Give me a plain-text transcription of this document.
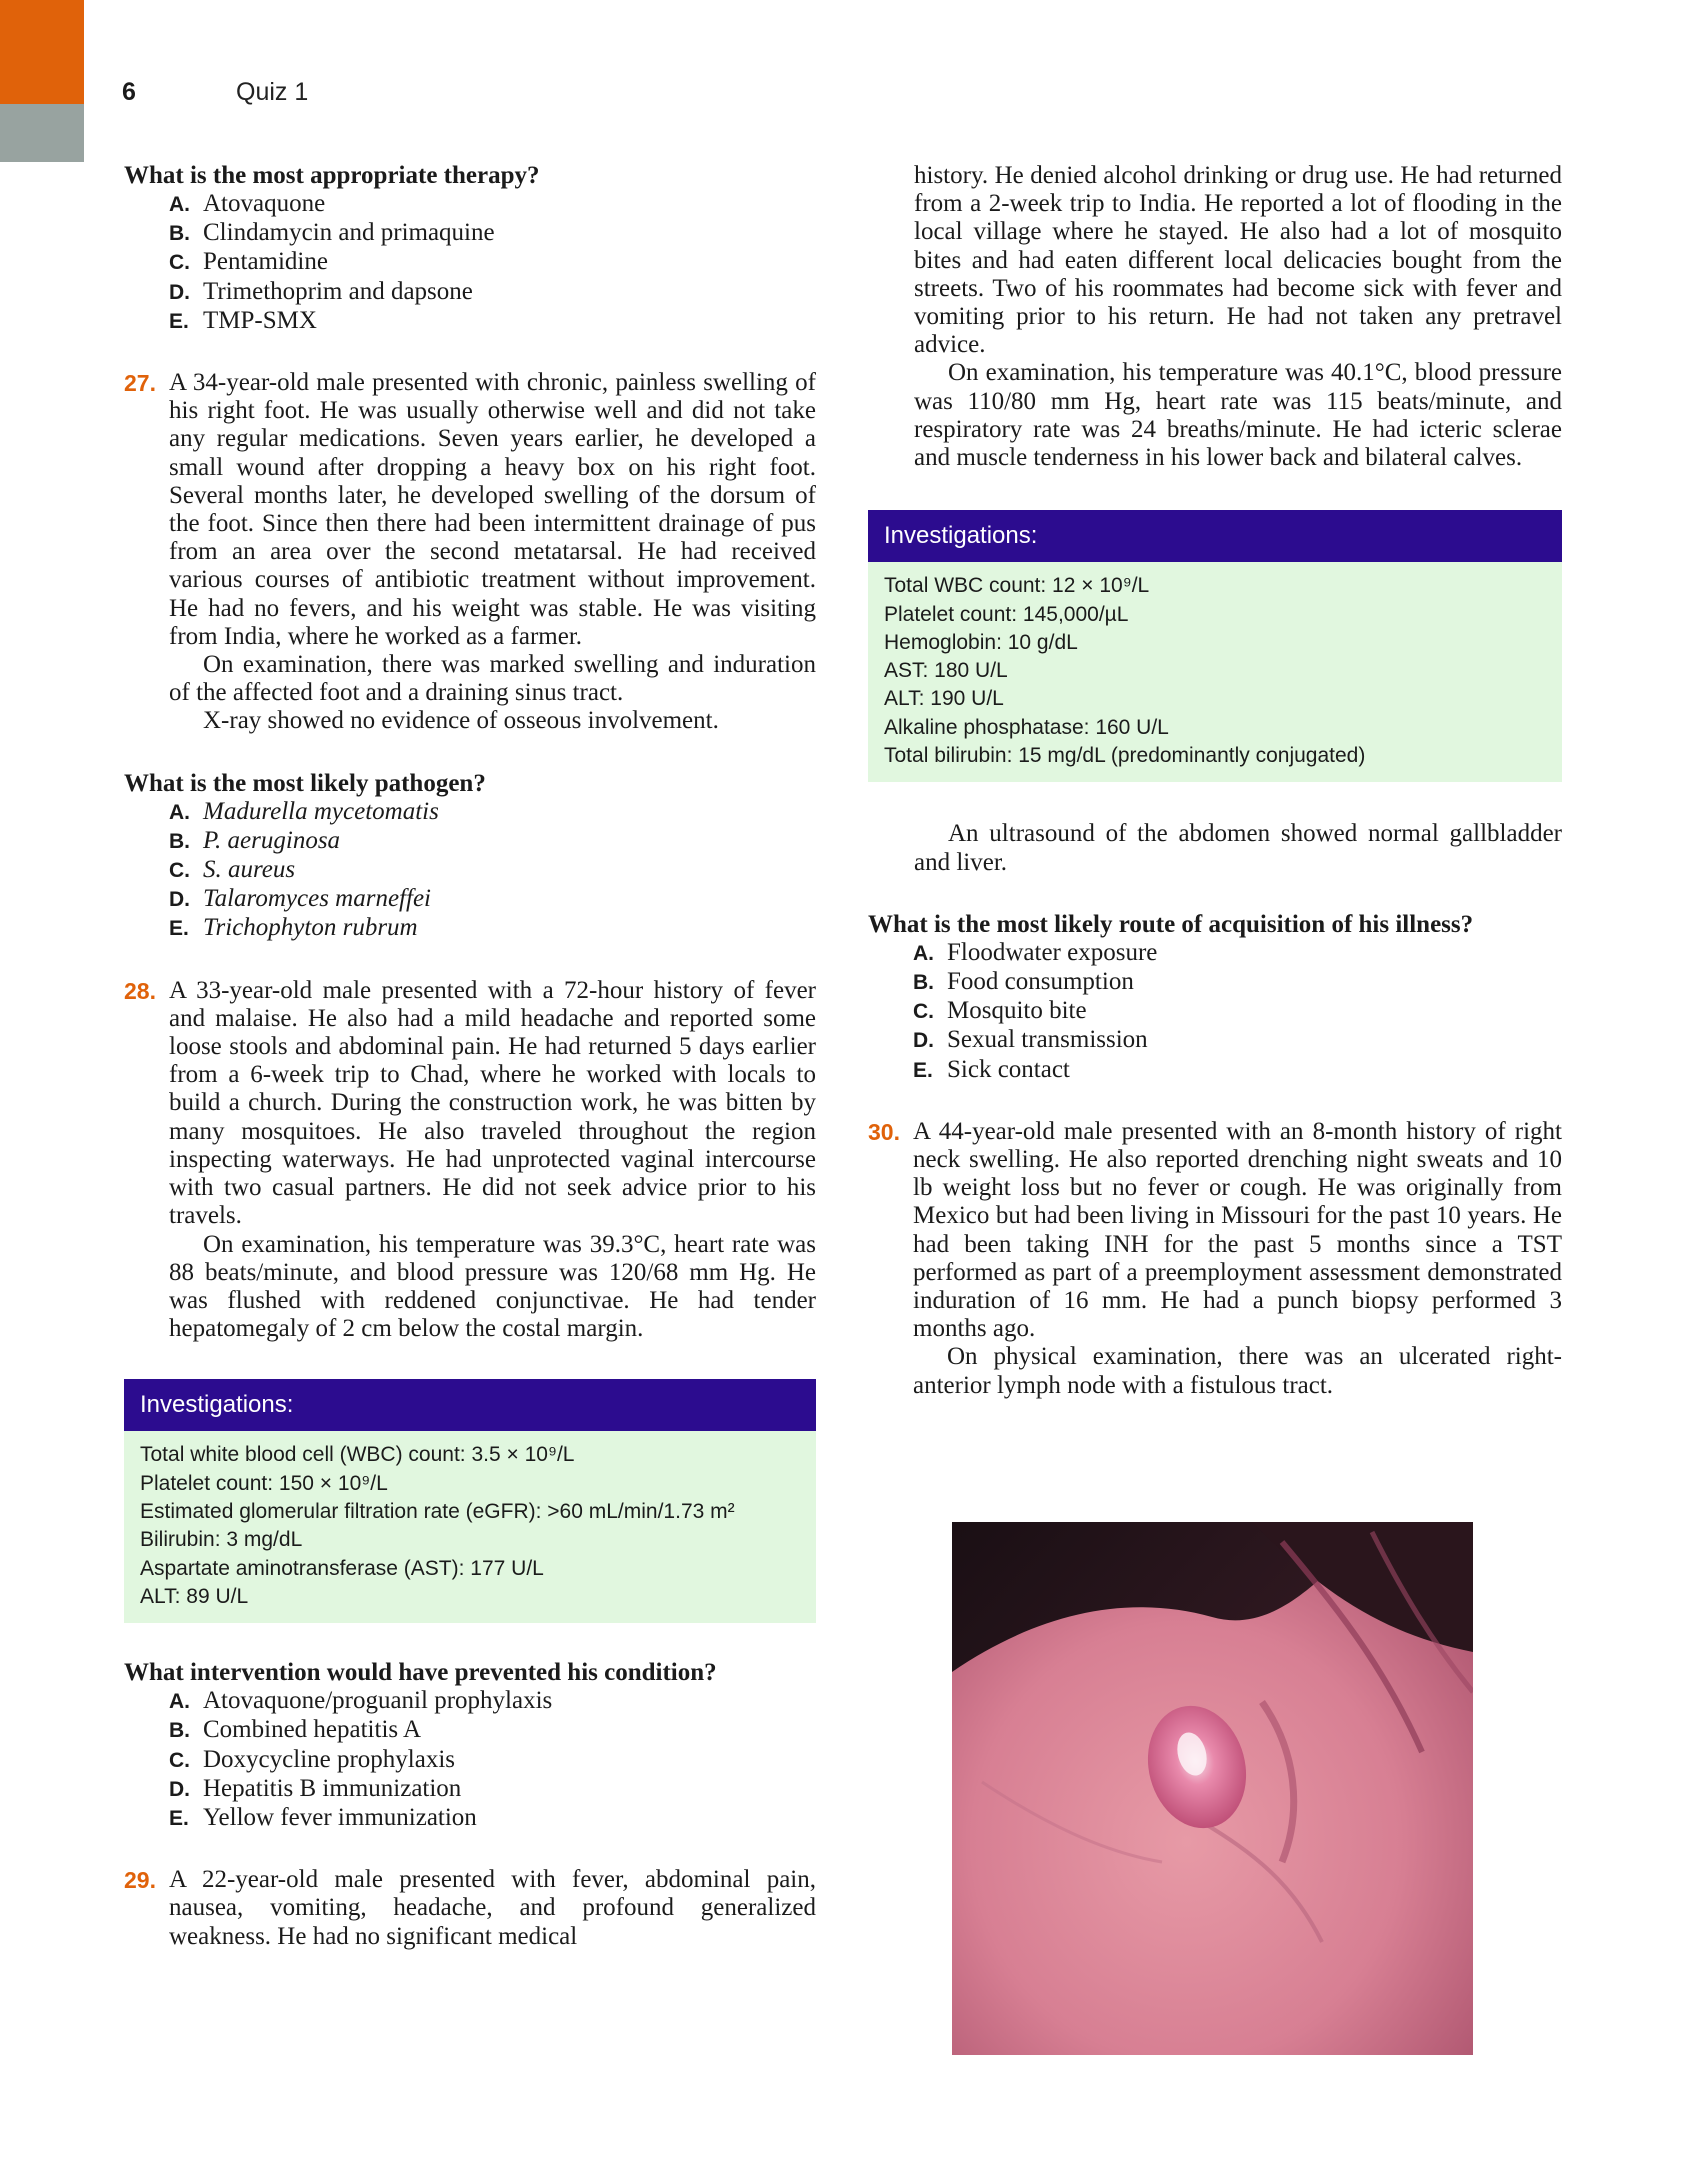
6	Quiz 1

What is the most appropriate therapy?

A. Atovaquone
B. Clindamycin and primaquine
C. Pentamidine
D. Trimethoprim and dapsone
E. TMP-SMX
27. A 34-year-old male presented with chronic, painless swelling of his right foot. He was usually otherwise well and did not take any regular medications. Seven years earlier, he developed a small wound after dropping a heavy box on his right foot. Several months later, he developed swelling of the dorsum of the foot. Since then there had been intermittent drainage of pus from an area over the second metatarsal. He had received various courses of antibiotic treatment without improvement. He had no fevers, and his weight was stable. He was visiting from India, where he worked as a farmer.

On examination, there was marked swelling and induration of the affected foot and a draining sinus tract.

X-ray showed no evidence of osseous involvement.

What is the most likely pathogen?

A. Madurella mycetomatis
B. P. aeruginosa
C. S. aureus
D. Talaromyces marneffei
E. Trichophyton rubrum
28. A 33-year-old male presented with a 72-hour history of fever and malaise. He also had a mild headache and reported some loose stools and abdominal pain. He had returned 5 days earlier from a 6-week trip to Chad, where he worked with locals to build a church. During the construction work, he was bitten by many mosquitoes. He also traveled throughout the region inspecting waterways. He had unprotected vaginal intercourse with two casual partners. He did not seek advice prior to his travels.

On examination, his temperature was 39.3°C, heart rate was 88 beats/minute, and blood pressure was 120/68 mm Hg. He was flushed with reddened conjunctivae. He had tender hepatomegaly of 2 cm below the costal margin.

Investigations:
Total white blood cell (WBC) count: 3.5 × 10⁹/L
Platelet count: 150 × 10⁹/L
Estimated glomerular filtration rate (eGFR): >60 mL/min/1.73 m²
Bilirubin: 3 mg/dL
Aspartate aminotransferase (AST): 177 U/L
ALT: 89 U/L

What intervention would have prevented his condition?

A. Atovaquone/proguanil prophylaxis
B. Combined hepatitis A
C. Doxycycline prophylaxis
D. Hepatitis B immunization
E. Yellow fever immunization
29. A 22-year-old male presented with fever, abdominal pain, nausea, vomiting, headache, and profound generalized weakness. He had no significant medical

history. He denied alcohol drinking or drug use. He had returned from a 2-week trip to India. He reported a lot of flooding in the local village where he stayed. He also had a lot of mosquito bites and had eaten different local delicacies bought from the streets. Two of his roommates had become sick with fever and vomiting prior to his return. He had not taken any pretravel advice.

On examination, his temperature was 40.1°C, blood pressure was 110/80 mm Hg, heart rate was 115 beats/minute, and respiratory rate was 24 breaths/minute. He had icteric sclerae and muscle tenderness in his lower back and bilateral calves.

Investigations:
Total WBC count: 12 × 10⁹/L
Platelet count: 145,000/µL
Hemoglobin: 10 g/dL
AST: 180 U/L
ALT: 190 U/L
Alkaline phosphatase: 160 U/L
Total bilirubin: 15 mg/dL (predominantly conjugated)

An ultrasound of the abdomen showed normal gallbladder and liver.

What is the most likely route of acquisition of his illness?

A. Floodwater exposure
B. Food consumption
C. Mosquito bite
D. Sexual transmission
E. Sick contact
30. A 44-year-old male presented with an 8-month history of right neck swelling. He also reported drenching night sweats and 10 lb weight loss but no fever or cough. He was originally from Mexico but had been living in Missouri for the past 10 years. He had been taking INH for the past 5 months since a TST performed as part of a preemployment assessment demonstrated induration of 16 mm. He had a punch biopsy performed 3 months ago.

On physical examination, there was an ulcerated right-anterior lymph node with a fistulous tract.
